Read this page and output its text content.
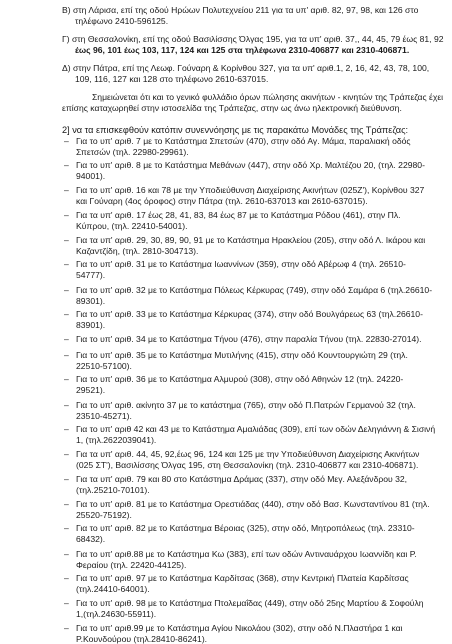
Β) στη Λάρισα, επί της οδού Ηρώων Πολυτεχνείου 211 για τα υπ' αριθ. 82, 97, 98, και 126 στο
τηλέφωνο 2410-596125.
Γ) στη Θεσσαλονίκη, επί της οδού Βασιλίσσης Όλγας 195, για τα υπ' αριθ. 37,, 44, 45, 79 έως 81, 92
έως 96, 101 έως 103, 117, 124 και 125 στα τηλέφωνα 2310-406877 και 2310-406871.
Δ) στην Πάτρα, επί της Λεωφ. Γούναρη & Κορίνθου 327, για τα υπ' αριθ.1, 2, 16, 42, 43, 78, 100,
109, 116, 127 και 128 στο τηλέφωνο 2610-637015.
Σημειώνεται ότι και το γενικό φυλλάδιο όρων πώλησης ακινήτων - κινητών της Τράπεζας έχει
επίσης καταχωρηθεί στην ιστοσελίδα της Τράπεζας, στην ως άνω ηλεκτρονική διεύθυνση.
2] να τα επισκεφθούν κατόπιν συνεννόησης με τις παρακάτω Μονάδες της Τράπεζας:
– Για το υπ' αριθ. 7 με το Κατάστημα Σπετσών (470), στην οδό Αγ. Μάμα, παραλιακή οδός
Σπετσών (τηλ. 22980-29961).
– Για το υπ' αριθ. 8 με το Κατάστημα Μεθάνων (447), στην οδό Χρ. Μαλτέζου 20, (τηλ. 22980-
94001).
– Για το υπ' αριθ. 16 και 78 με την Υποδιεύθυνση Διαχείρισης Ακινήτων (025Ζ'), Κορίνθου 327
και Γούναρη (4ος όροφος) στην Πάτρα (τηλ. 2610-637013 και 2610-637015).
– Για τα υπ' αριθ. 17 έως 28, 41, 83, 84 έως 87 με το Κατάστημα Ρόδου (461), στην Πλ.
Κύπρου, (τηλ. 22410-54001).
– Για τα υπ' αριθ. 29, 30, 89, 90, 91 με το Κατάστημα Ηρακλείου (205), στην οδό Λ. Ικάρου και
Καζαντζίδη, (τηλ. 2810-304713).
– Για το υπ' αριθ. 31 με το Κατάστημα Ιωαννίνων (359), στην οδό Αβέρωφ 4 (τηλ. 26510-
54777).
– Για το υπ' αριθ. 32 με το Κατάστημα Πόλεως Κέρκυρας (749), στην οδό Σαμάρα 6 (τηλ.26610-
89301).
– Για το υπ' αριθ. 33 με το Κατάστημα Κέρκυρας (374), στην οδό Βουλγάρεως 63 (τηλ.26610-
83901).
– Για το υπ' αριθ. 34 με το Κατάστημα Τήνου (476), στην παραλία Τήνου (τηλ. 22830-27014).
– Για το υπ' αριθ. 35 με το Κατάστημα Μυτιλήνης (415), στην οδό Κουντουργιώτη 29 (τηλ.
22510-57100).
– Για το υπ' αριθ. 36 με το Κατάστημα Αλμυρού (308), στην οδό Αθηνών 12 (τηλ. 24220-
29521).
– Για το υπ' αριθ. ακίνητο 37 με το κατάστημα (765), στην οδό Π.Πατρών Γερμανού 32 (τηλ.
23510-45271).
– Για το υπ' αριθ 42 και 43 με το Κατάστημα Αμαλιάδας (309), επί των οδών Δεληγιάννη & Σισινή
1, (τηλ.2622039041).
– Για τα υπ' αριθ. 44, 45, 92,έως 96, 124 και 125 με την Υποδιεύθυνση Διαχείρισης Ακινήτων
(025 ΣΤ'), Βασιλίσσης Όλγας 195, στη Θεσσαλονίκη (τηλ. 2310-406877 και 2310-406871).
– Για τα υπ' αριθ. 79 και 80 στο Κατάστημα Δράμας (337), στην οδό Μεγ. Αλεξάνδρου 32,
(τηλ.25210-70101).
– Για το υπ' αριθ. 81 με το Κατάστημα Ορεστιάδας (440), στην οδό Βασ. Κωνσταντίνου 81 (τηλ.
25520-75192).
– Για το υπ' αριθ. 82 με το Κατάστημα Βέροιας (325), στην οδό, Μητροπόλεως (τηλ. 23310-
68432).
– Για το υπ' αριθ.88 με το Κατάστημα Κω (383), επί των οδών Αντιναυάρχου Ιωαννίδη και Ρ.
Φεραίου (τηλ. 22420-44125).
– Για το υπ' αριθ. 97 με το Κατάστημα Καρδίτσας (368), στην Κεντρική Πλατεία Καρδίτσας
(τηλ.24410-64001).
– Για το υπ' αριθ. 98 με το Κατάστημα Πτολεμαΐδας (449), στην οδό 25ης Μαρτίου & Σοφούλη
1,(τηλ.24630-55911).
– Για το υπ' αριθ.99 με το Κατάστημα Αγίου Νικολάου (302), στην οδό Ν.Πλαστήρα 1 και
Ρ.Κουνδούρου (τηλ.28410-86241).
